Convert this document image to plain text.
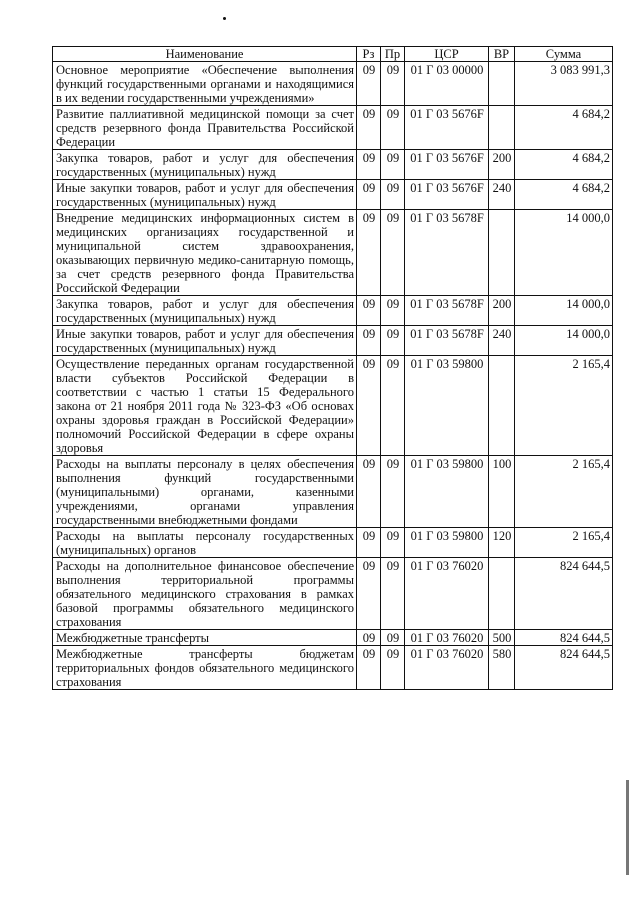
Наименование	Рз	Пр	ЦСР	ВР	Сумма
Основное мероприятие «Обеспечение выполнения функций государственными органами и находящимися в их ведении государственными учреждениями»	09	09	01 Г 03 00000		3 083 991,3
Развитие паллиативной медицинской помощи за счет средств резервного фонда Правительства Российской Федерации	09	09	01 Г 03 5676F		4 684,2
Закупка товаров, работ и услуг для обеспечения государственных (муниципальных) нужд	09	09	01 Г 03 5676F	200	4 684,2
Иные закупки товаров, работ и услуг для обеспечения государственных (муниципальных) нужд	09	09	01 Г 03 5676F	240	4 684,2
Внедрение медицинских информационных систем в медицинских организациях государственной и муниципальной систем здравоохранения, оказывающих первичную медико-санитарную помощь, за счет средств резервного фонда Правительства Российской Федерации	09	09	01 Г 03 5678F		14 000,0
Закупка товаров, работ и услуг для обеспечения государственных (муниципальных) нужд	09	09	01 Г 03 5678F	200	14 000,0
Иные закупки товаров, работ и услуг для обеспечения государственных (муниципальных) нужд	09	09	01 Г 03 5678F	240	14 000,0
Осуществление переданных органам государственной власти субъектов Российской Федерации в соответствии с частью 1 статьи 15 Федерального закона от 21 ноября 2011 года № 323-ФЗ «Об основах охраны здоровья граждан в Российской Федерации» полномочий Российской Федерации в сфере охраны здоровья	09	09	01 Г 03 59800		2 165,4
Расходы на выплаты персоналу в целях обеспечения выполнения функций государственными (муниципальными) органами, казенными учреждениями, органами управления государственными внебюджетными фондами	09	09	01 Г 03 59800	100	2 165,4
Расходы на выплаты персоналу государственных (муниципальных) органов	09	09	01 Г 03 59800	120	2 165,4
Расходы на дополнительное финансовое обеспечение выполнения территориальной программы обязательного медицинского страхования в рамках базовой программы обязательного медицинского страхования	09	09	01 Г 03 76020		824 644,5
Межбюджетные трансферты	09	09	01 Г 03 76020	500	824 644,5
Межбюджетные трансферты бюджетам территориальных фондов обязательного медицинского страхования	09	09	01 Г 03 76020	580	824 644,5
